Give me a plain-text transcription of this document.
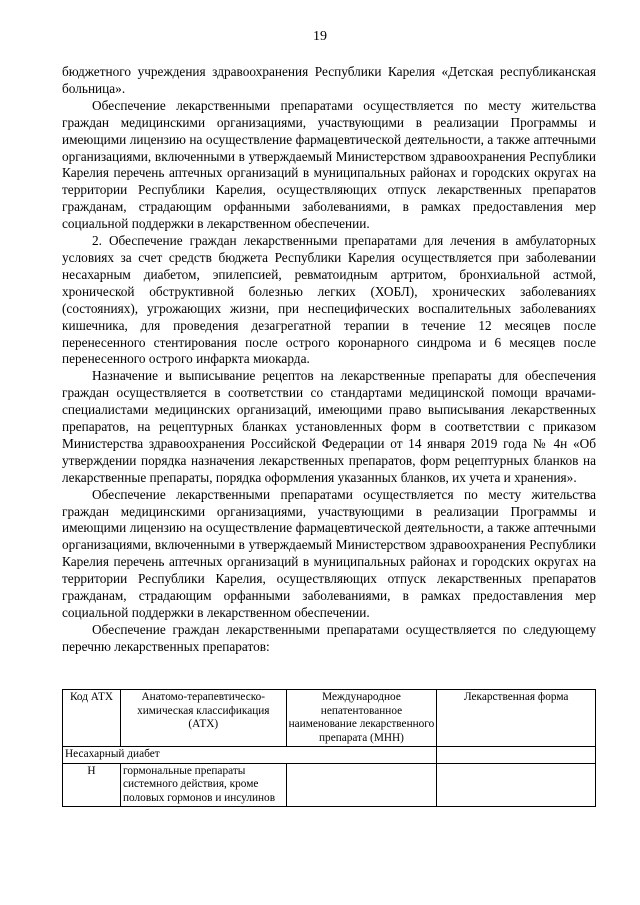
19

бюджетного учреждения здравоохранения Республики Карелия «Детская республиканская больница».

Обеспечение лекарственными препаратами осуществляется по месту жительства граждан медицинскими организациями, участвующими в реализации Программы и имеющими лицензию на осуществление фармацевтической деятельности, а также аптечными организациями, включенными в утверждаемый Министерством здравоохранения Республики Карелия перечень аптечных организаций в муниципальных районах и городских округах на территории Республики Карелия, осуществляющих отпуск лекарственных препаратов гражданам, страдающим орфанными заболеваниями, в рамках предоставления мер социальной поддержки в лекарственном обеспечении.

2. Обеспечение граждан лекарственными препаратами для лечения в амбулаторных условиях за счет средств бюджета Республики Карелия осуществляется при заболевании несахарным диабетом, эпилепсией, ревматоидным артритом, бронхиальной астмой, хронической обструктивной болезнью легких (ХОБЛ), хронических заболеваниях (состояниях), угрожающих жизни, при неспецифических воспалительных заболеваниях кишечника, для проведения дезагрегатной терапии в течение 12 месяцев после перенесенного стентирования после острого коронарного синдрома и 6 месяцев после перенесенного острого инфаркта миокарда.

Назначение и выписывание рецептов на лекарственные препараты для обеспечения граждан осуществляется в соответствии со стандартами медицинской помощи врачами-специалистами медицинских организаций, имеющими право выписывания лекарственных препаратов, на рецептурных бланках установленных форм в соответствии с приказом Министерства здравоохранения Российской Федерации от 14 января 2019 года № 4н «Об утверждении порядка назначения лекарственных препаратов, форм рецептурных бланков на лекарственные препараты, порядка оформления указанных бланков, их учета и хранения».

Обеспечение лекарственными препаратами осуществляется по месту жительства граждан медицинскими организациями, участвующими в реализации Программы и имеющими лицензию на осуществление фармацевтической деятельности, а также аптечными организациями, включенными в утверждаемый Министерством здравоохранения Республики Карелия перечень аптечных организаций в муниципальных районах и городских округах на территории Республики Карелия, осуществляющих отпуск лекарственных препаратов гражданам, страдающим орфанными заболеваниями, в рамках предоставления мер социальной поддержки в лекарственном обеспечении.

Обеспечение граждан лекарственными препаратами осуществляется по следующему перечню лекарственных препаратов:

Код АТХ	Анатомо-терапевтическо-химическая классификация (АТХ)	Международное непатентованное наименование лекарственного препарата (МНН)	Лекарственная форма
Несахарный диабет			
H	гормональные препараты системного действия, кроме половых гормонов и инсулинов		
